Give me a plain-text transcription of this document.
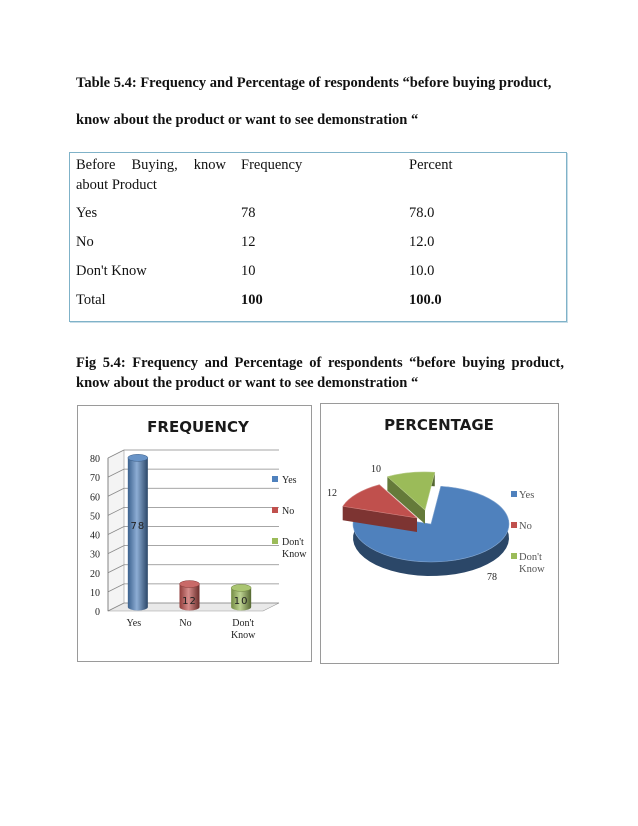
Table 5.4: Frequency and Percentage of respondents “before buying product,
know about the product or want to see demonstration “
Before Buying, know
about Product
Frequency	Percent
Yes	78	78.0
No	12	12.0
Don't Know	10	10.0
Total	100	100.0
Fig 5.4: Frequency and Percentage of respondents “before buying product,
know about the product or want to see demonstration “
FREQUENCY
0
10
20
30
40
50
60
70
80
78
Yes
12
No
10
Don't
Know
Yes
No
Don't
Know
PERCENTAGE
78
12
10
Yes
No
Don't
Know
